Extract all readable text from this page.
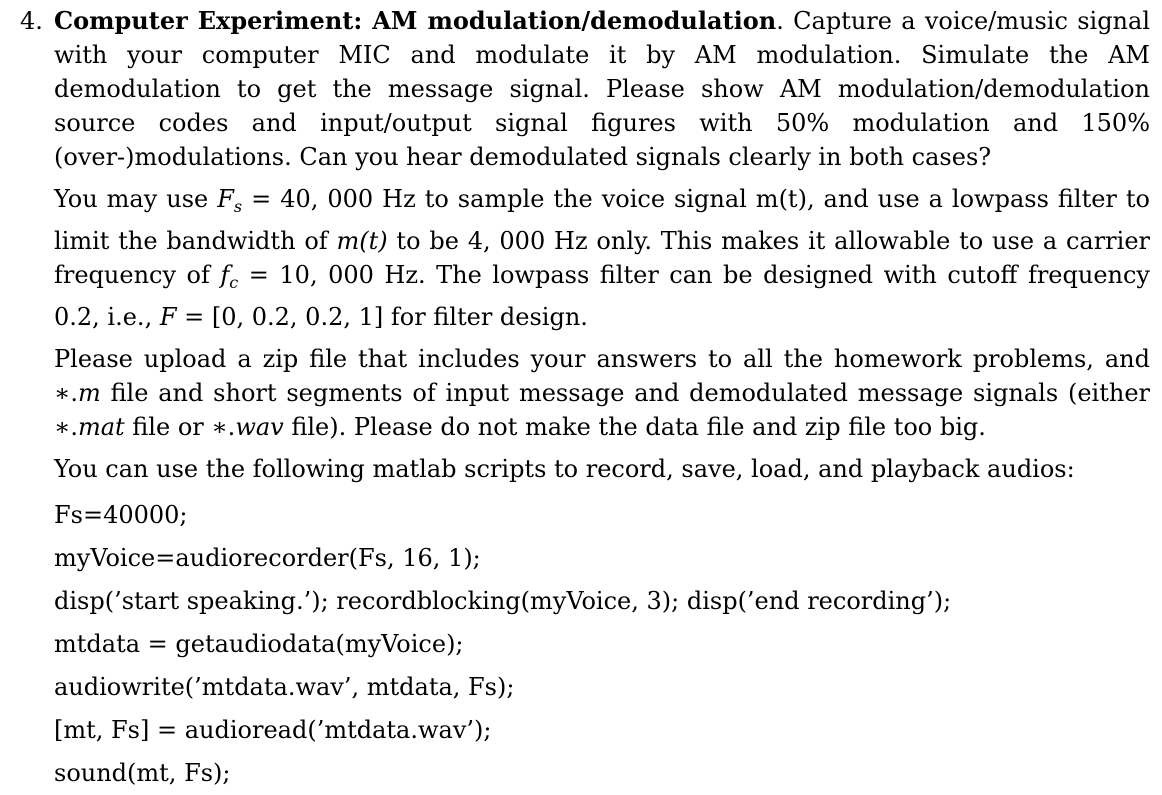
4. Computer Experiment: AM modulation/demodulation. Capture a voice/music signal with your computer MIC and modulate it by AM modulation. Simulate the AM demodulation to get the message signal. Please show AM modulation/demodulation source codes and input/output signal figures with 50% modulation and 150% (over-)modulations. Can you hear demodulated signals clearly in both cases?

You may use $F_s = 40$, 000 Hz to sample the voice signal m(t), and use a lowpass filter to limit the bandwidth of m(t) to be 4, 000 Hz only. This makes it allowable to use a carrier frequency of $f_c = 10$, 000 Hz. The lowpass filter can be designed with cutoff frequency 0.2, i.e., F = [0, 0.2, 0.2, 1] for filter design.

Please upload a zip file that includes your answers to all the homework problems, and ∗.m file and short segments of input message and demodulated message signals (either ∗.mat file or ∗.wav file). Please do not make the data file and zip file too big.

You can use the following matlab scripts to record, save, load, and playback audios:

Fs=40000;

myVoice=audiorecorder(Fs, 16, 1);

disp(’start speaking.’); recordblocking(myVoice, 3); disp(’end recording’);

mtdata = getaudiodata(myVoice);

audiowrite(’mtdata.wav’, mtdata, Fs);

[mt, Fs] = audioread(’mtdata.wav’);

sound(mt, Fs);
